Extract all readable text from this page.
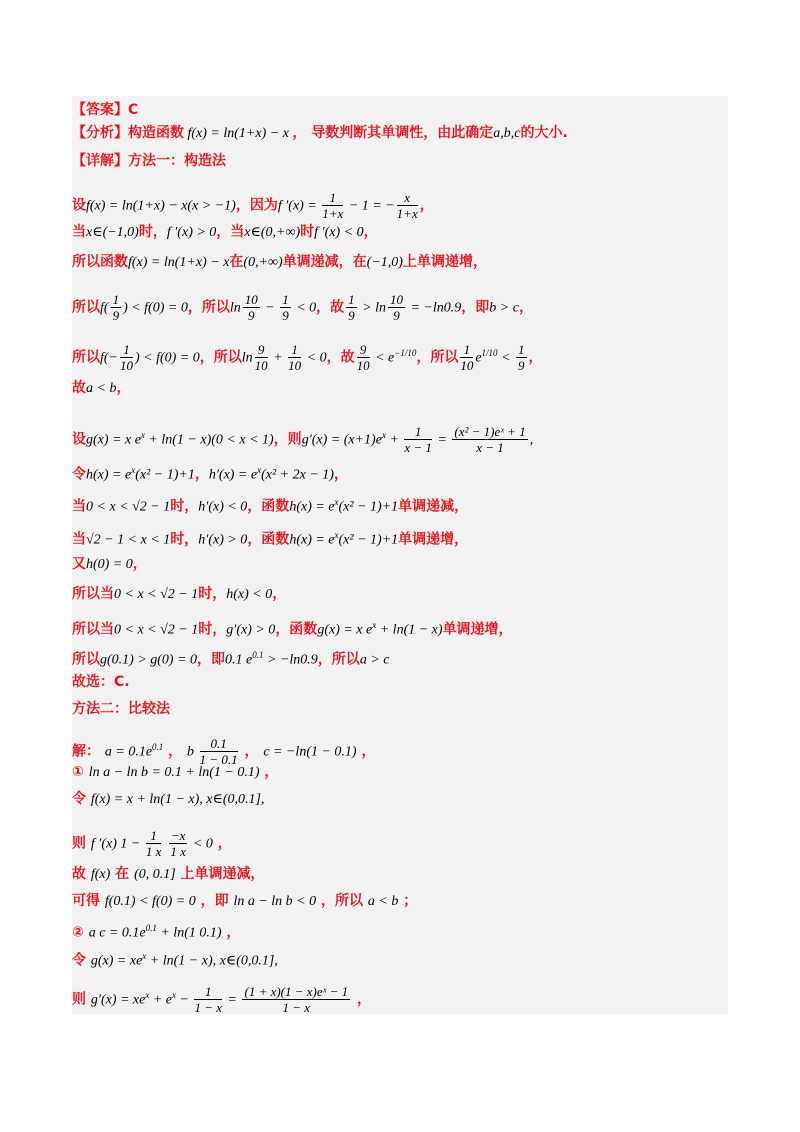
【答案】C
【分析】构造函数 f(x) = ln(1+x) − x ， 导数判断其单调性，由此确定a,b,c的大小.
【详解】方法一：构造法
设f(x) = ln(1+x) − x(x > −1)，因为f $'(x) = \frac{1}{1+x} - 1$ = − $\frac{x}{1+x}$ ，
当x∈(−1,0)时，f ′(x) > 0，当x∈(0,+∞)时f ′(x) < 0，
所以函数f(x) = ln(1+x) − x在(0,+∞)单调递减，在(−1,0)上单调递增，
所以$f( \frac{1}{9}$ ) < f(0) = 0，所以$\ln \frac{10}{9} - \frac{1}{9} < 0$，故 $\frac{1}{9} > \ln \frac{10}{9} = -\ln 0.9$，即b > c，
所以$f(- \frac{1}{10}$ ) < f(0) = 0，所以$\ln \frac{9}{10} + \frac{1}{10} < 0$，故 $\frac{9}{10} < e^{-1/10}$，所以 $\frac{1}{10} e^{1/10} < \frac{1}{9}$ ，
故a < b，
设g(x) = x $e^x + \ln(1 - x)(0 < x < 1)$，则$g'(x) = (x+1)e^x + \frac{1}{x - 1} = \frac{\text{(x² − 1)eˣ + 1}}{x - 1}$ ,
令$h(x) = e^x(x^2 - 1)+1$，$h'(x) = e^x(x^2 + 2x - 1)$，
当0 < x < √2 − 1时，h′(x) < 0，函数$h(x) = e^x(x^2 - 1)+1$单调递减，
当√2 − 1 < x < 1时，h′(x) > 0，函数$h(x) = e^x(x^2 - 1)+1$单调递增，
又h(0) = 0，
所以当0 < x < √2 − 1时，h(x) < 0，
所以当0 < x < √2 − 1时，g′(x) > 0，函数g(x) = x $e^x + \ln(1 - x)$单调递增，
所以g(0.1) > g(0) = 0，即0.1 $e^{0.1} > -\ln 0.9$，所以a > c
故选：C.
方法二：比较法
解： $a = 0.1e^{0.1}$ ， b $\frac{0.1}{1 - 0.1}$ ， c = −ln(1 − 0.1) ，
① ln a − ln b = 0.1 + ln(1 − 0.1) ，
令 f(x) = x + ln(1 − x), x∈(0,0.1],
则 f ′(x) $1 - \frac{1}{1 x}$
$\frac{-x}{1 x} < 0$ ，
故 f(x) 在 (0, 0.1] 上单调递减，
可得 f(0.1) < f(0) = 0 ，即 ln a − ln b < 0 ，所以 a < b ；
② a $c = 0.1e^{0.1} + \ln(1$ 0.1) ，
令 $g(x) = xe^x + \ln(1 - x)$, x∈(0,0.1],
则 $g'(x) = xe^x + e^x - \frac{1}{1 - x} = \frac{\text{(1 + x)(1 − x)eˣ − 1}}{1 - x}$ ，
